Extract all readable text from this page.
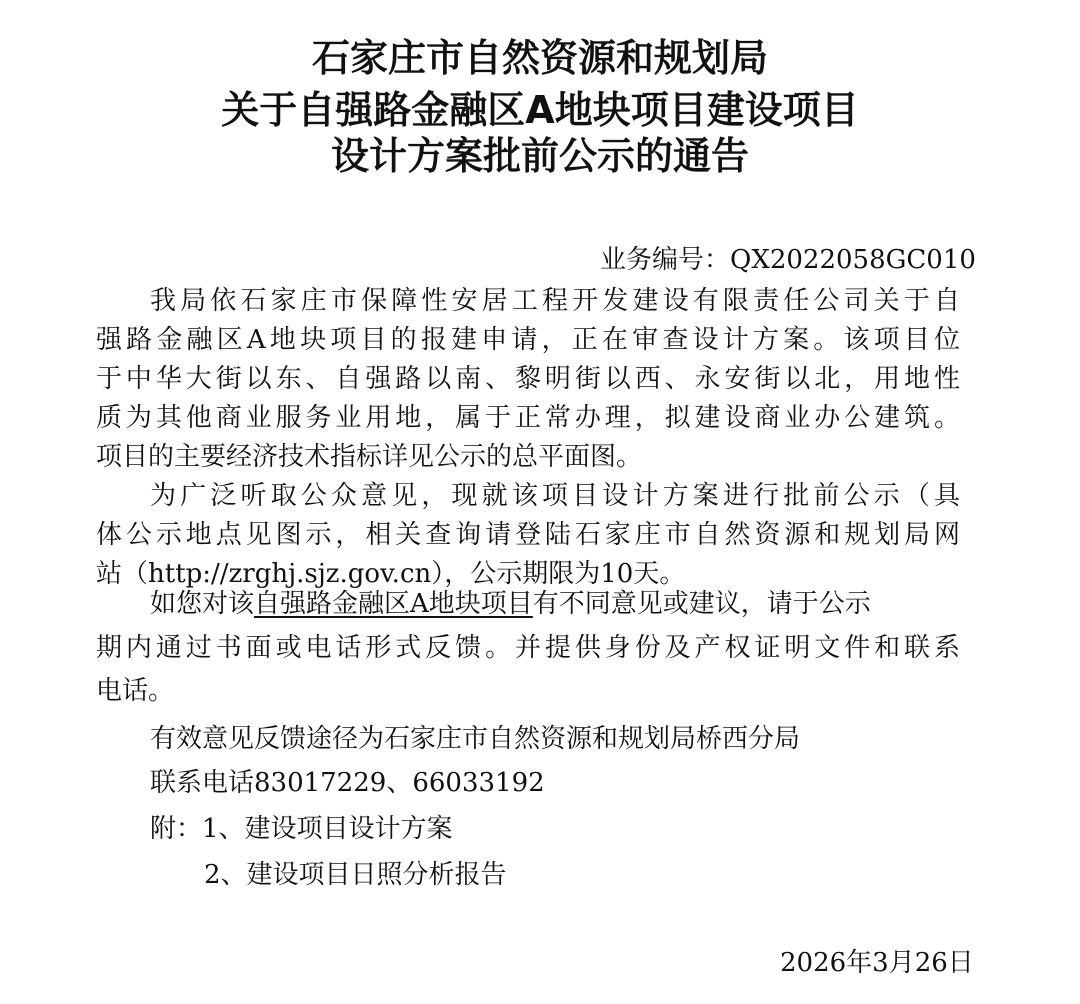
石家庄市自然资源和规划局
关于自强路金融区A地块项目建设项目
设计方案批前公示的通告
业务编号：QX2022058GC010
我局依石家庄市保障性安居工程开发建设有限责任公司关于自
强路金融区A地块项目的报建申请，正在审查设计方案。该项目位
于中华大街以东、自强路以南、黎明街以西、永安街以北，用地性
质为其他商业服务业用地，属于正常办理，拟建设商业办公建筑。
项目的主要经济技术指标详见公示的总平面图。
为广泛听取公众意见，现就该项目设计方案进行批前公示（具
体公示地点见图示，相关查询请登陆石家庄市自然资源和规划局网
站（http://zrghj.sjz.gov.cn），公示期限为10天。
如您对该自强路金融区A地块项目有不同意见或建议，请于公示
期内通过书面或电话形式反馈。并提供身份及产权证明文件和联系
电话。
有效意见反馈途径为石家庄市自然资源和规划局桥西分局
联系电话83017229、66033192
附：1、建设项目设计方案
2、建设项目日照分析报告
2026年3月26日
